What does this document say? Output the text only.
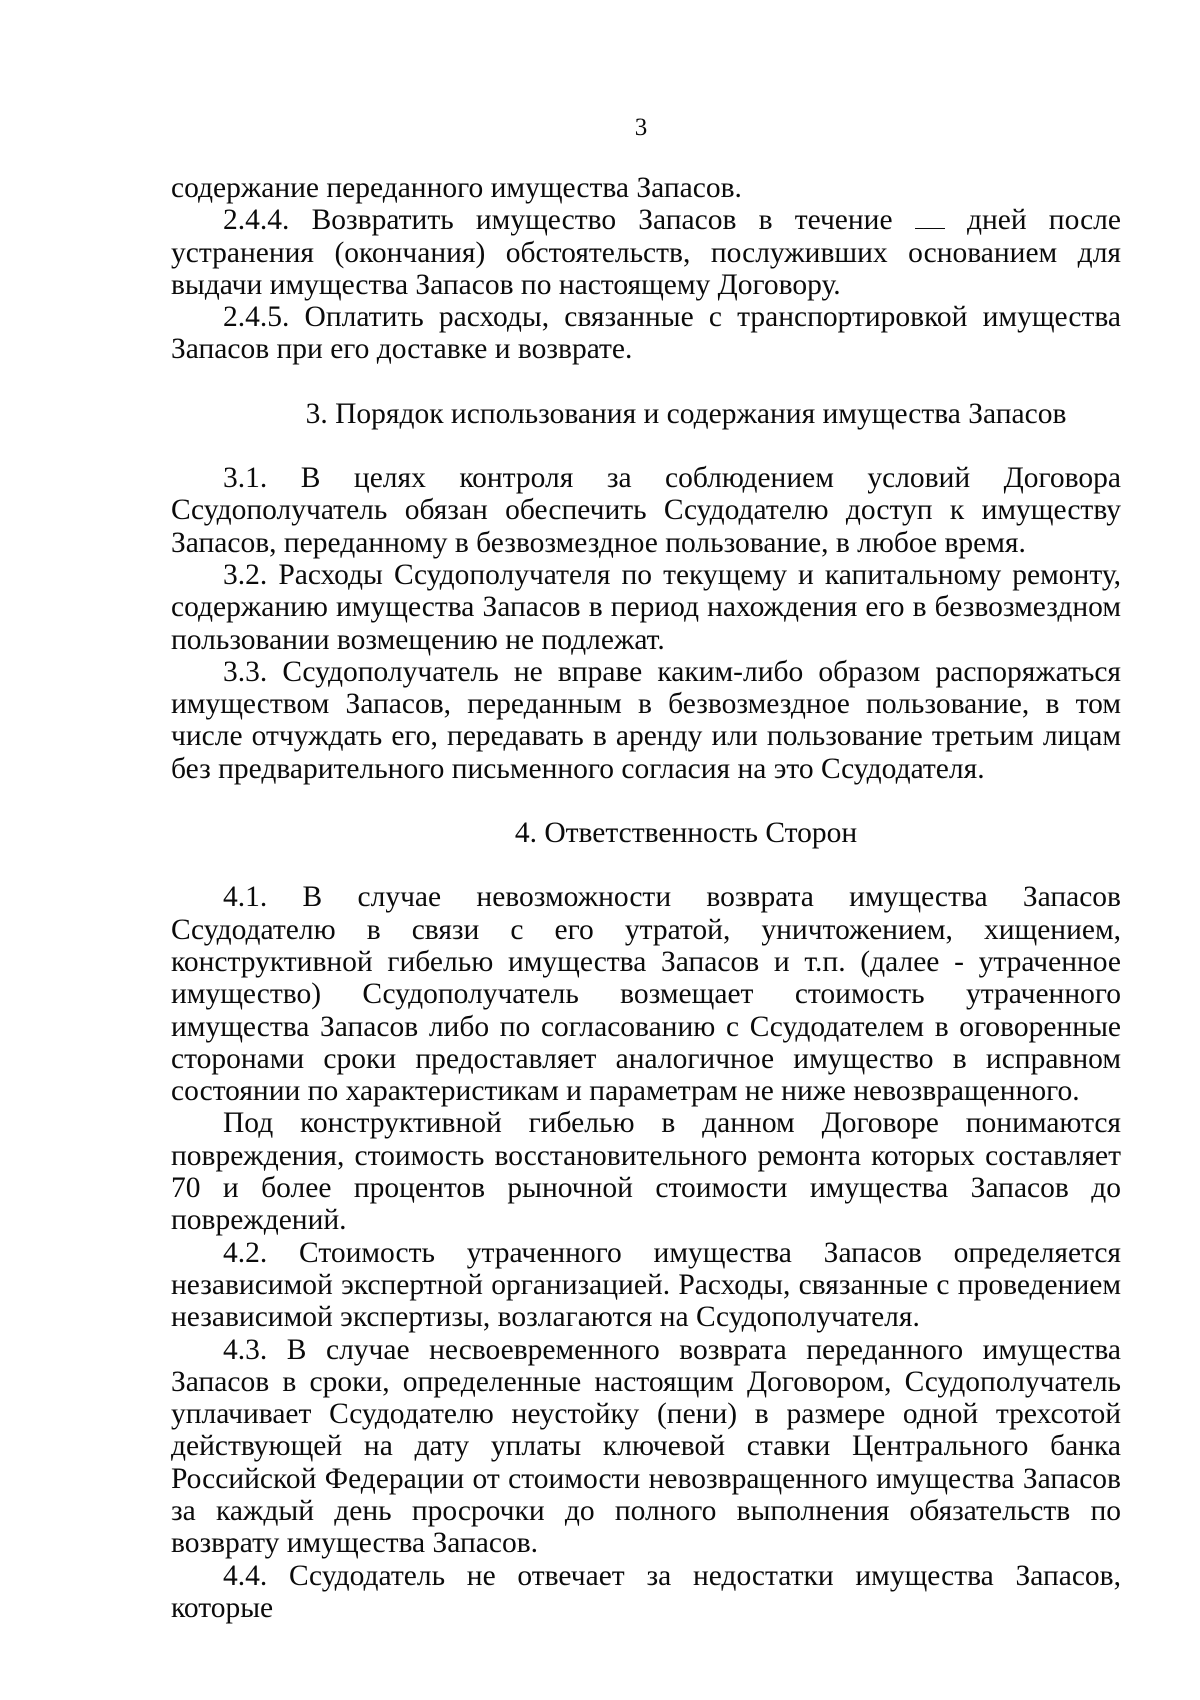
3

содержание переданного имущества Запасов.

2.4.4. Возвратить имущество Запасов в течение  дней после устранения (окончания) обстоятельств, послуживших основанием для выдачи имущества Запасов по настоящему Договору.

2.4.5. Оплатить расходы, связанные с транспортировкой имущества Запасов при его доставке и возврате.

3. Порядок использования и содержания имущества Запасов

3.1. В целях контроля за соблюдением условий Договора Ссудополучатель обязан обеспечить Ссудодателю доступ к имуществу Запасов, переданному в безвозмездное пользование, в любое время.

3.2. Расходы Ссудополучателя по текущему и капитальному ремонту, содержанию имущества Запасов в период нахождения его в безвозмездном пользовании возмещению не подлежат.

3.3. Ссудополучатель не вправе каким-либо образом распоряжаться имуществом Запасов, переданным в безвозмездное пользование, в том числе отчуждать его, передавать в аренду или пользование третьим лицам без предварительного письменного согласия на это Ссудодателя.

4. Ответственность Сторон

4.1. В случае невозможности возврата имущества Запасов Ссудодателю в связи с его утратой, уничтожением, хищением, конструктивной гибелью имущества Запасов и т.п. (далее - утраченное имущество) Ссудополучатель возмещает стоимость утраченного имущества Запасов либо по согласованию с Ссудодателем в оговоренные сторонами сроки предоставляет аналогичное имущество в исправном состоянии по характеристикам и параметрам не ниже невозвращенного.

Под конструктивной гибелью в данном Договоре понимаются повреждения, стоимость восстановительного ремонта которых составляет 70 и более процентов рыночной стоимости имущества Запасов до повреждений.

4.2. Стоимость утраченного имущества Запасов определяется независимой экспертной организацией. Расходы, связанные с проведением независимой экспертизы, возлагаются на Ссудополучателя.

4.3. В случае несвоевременного возврата переданного имущества Запасов в сроки, определенные настоящим Договором, Ссудополучатель уплачивает Ссудодателю неустойку (пени) в размере одной трехсотой действующей на дату уплаты ключевой ставки Центрального банка Российской Федерации от стоимости невозвращенного имущества Запасов за каждый день просрочки до полного выполнения обязательств по возврату имущества Запасов.

4.4. Ссудодатель не отвечает за недостатки имущества Запасов, которые
